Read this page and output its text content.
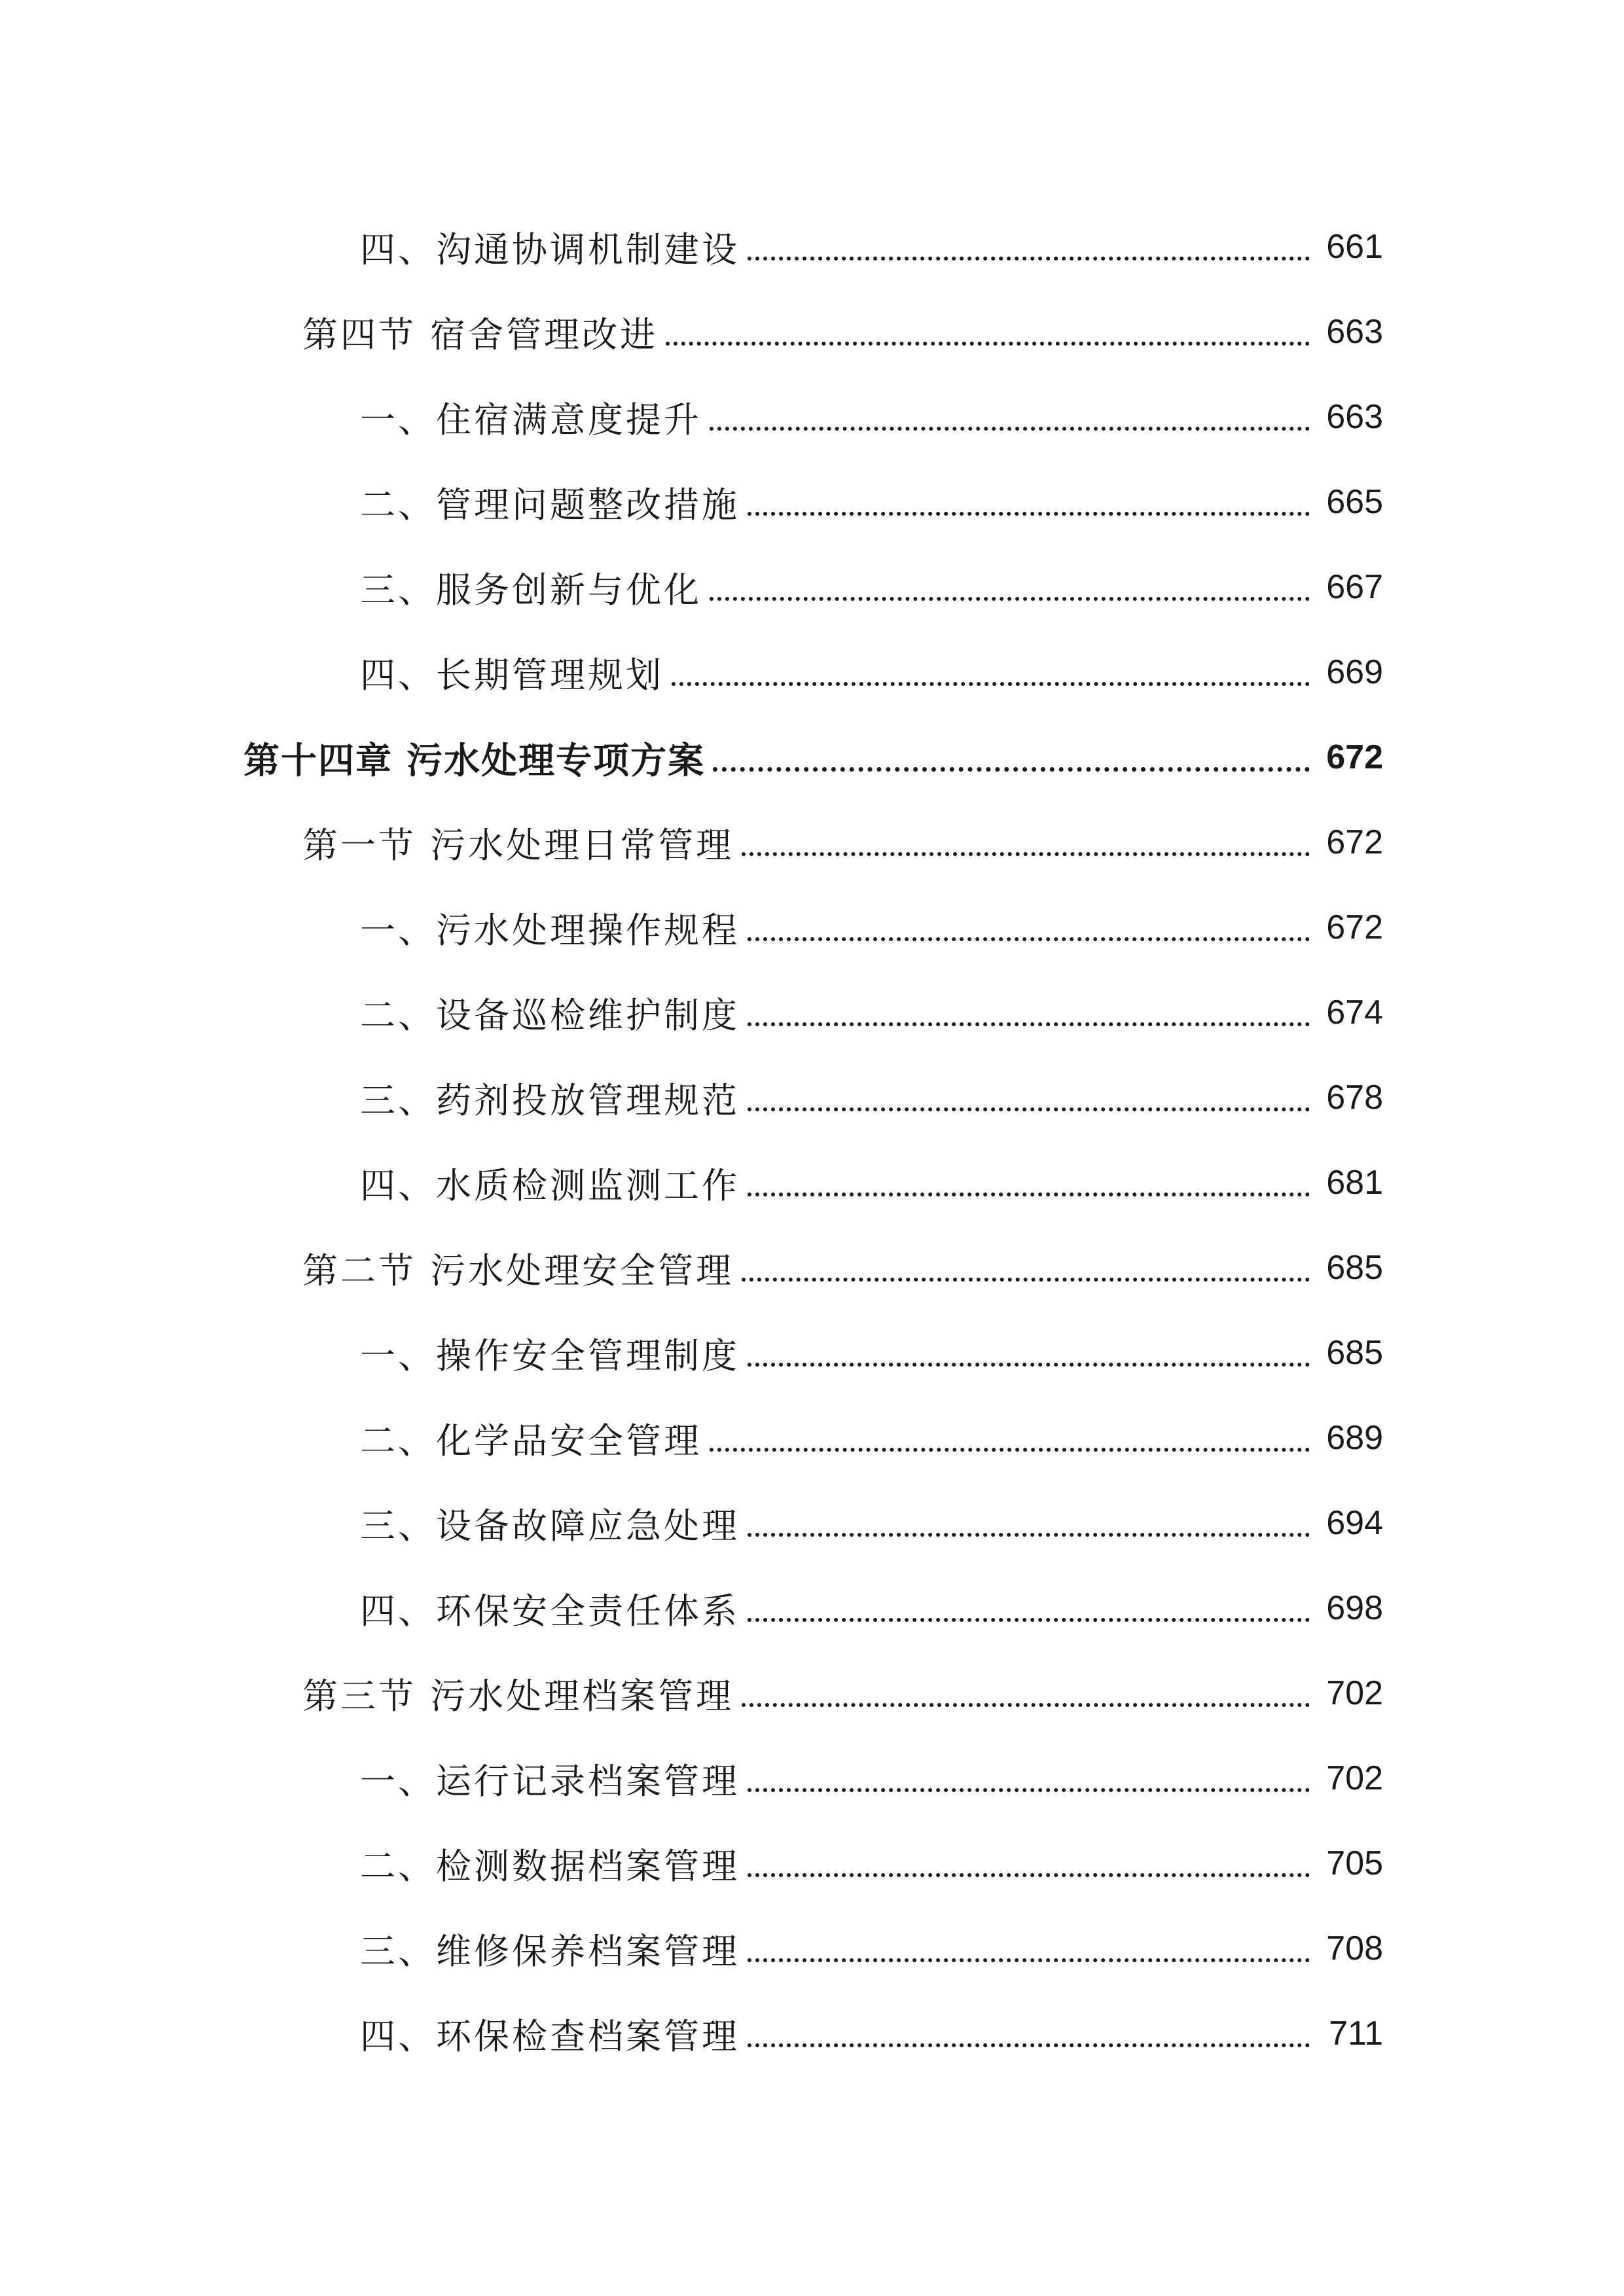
四、沟通协调机制建设	661
第四节 宿舍管理改进	663
一、住宿满意度提升	663
二、管理问题整改措施	665
三、服务创新与优化	667
四、长期管理规划	669
第十四章 污水处理专项方案	672
第一节 污水处理日常管理	672
一、污水处理操作规程	672
二、设备巡检维护制度	674
三、药剂投放管理规范	678
四、水质检测监测工作	681
第二节 污水处理安全管理	685
一、操作安全管理制度	685
二、化学品安全管理	689
三、设备故障应急处理	694
四、环保安全责任体系	698
第三节 污水处理档案管理	702
一、运行记录档案管理	702
二、检测数据档案管理	705
三、维修保养档案管理	708
四、环保检查档案管理	711
